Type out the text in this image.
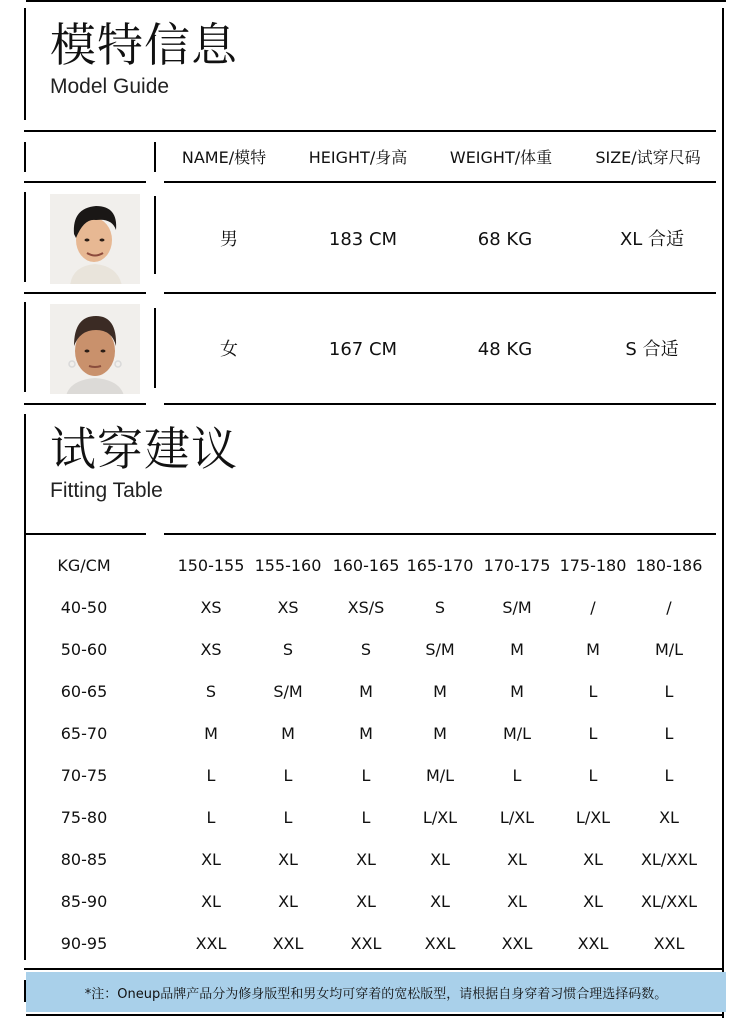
模特信息
Model Guide
NAME/模特	HEIGHT/身高	WEIGHT/体重	SIZE/试穿尺码
男	183 CM	68 KG	XL 合适
女	167 CM	48 KG	S 合适
试穿建议
Fitting Table
KG/CM	150-155 155-160 160-165 165-170 170-175 175-180 180-186
40-50	XS	XS	XS/S	S	S/M	/	/
50-60	XS	S	S	S/M	M	M	M/L
60-65	S	S/M	M	M	M	L	L
65-70	M	M	M	M	M/L	L	L
70-75	L	L	L	M/L	L	L	L
75-80	L	L	L	L/XL	L/XL	L/XL	XL
80-85	XL	XL	XL	XL	XL	XL	XL/XXL
85-90	XL	XL	XL	XL	XL	XL	XL/XXL
90-95	XXL	XXL	XXL	XXL	XXL	XXL	XXL
*注：Oneup品牌产品分为修身版型和男女均可穿着的宽松版型，请根据自身穿着习惯合理选择码数。
